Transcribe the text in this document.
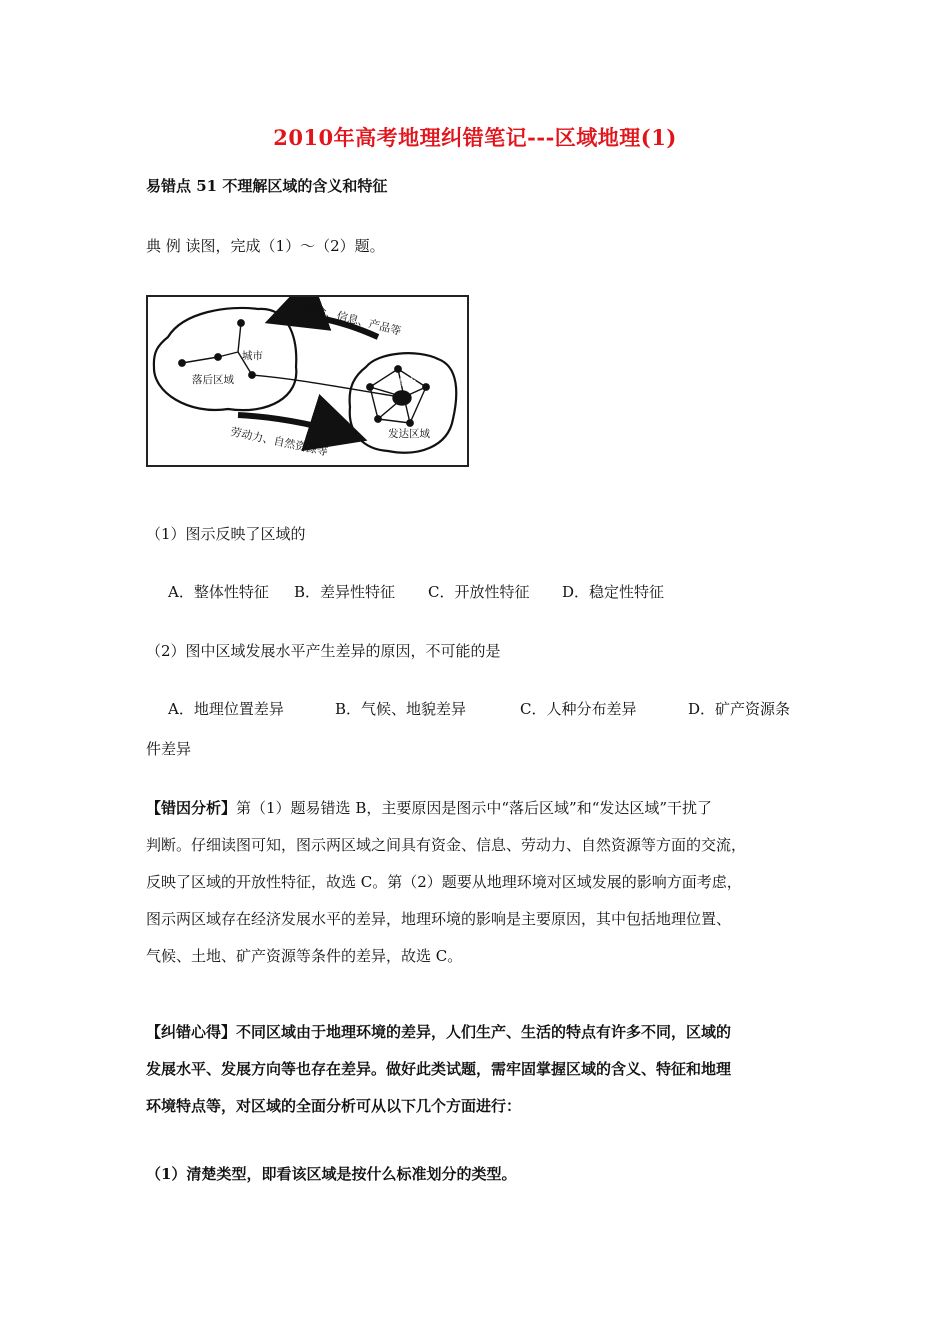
2010年高考地理纠错笔记---区域地理(1)
易错点 51 不理解区域的含义和特征
典 例 读图，完成（1）～（2）题。
资金、信息、产品等
劳动力、自然资源等
城市
落后区域	城市
发达区域
（1）图示反映了区域的
A．整体性特征 B．差异性特征 C．开放性特征 D．稳定性特征
（2）图中区域发展水平产生差异的原因，不可能的是
A．地理位置差异	B．气候、地貌差异	C．人种分布差异	D．矿产资源条
件差异
【错因分析】第（1）题易错选 B，主要原因是图示中“落后区域”和“发达区域”干扰了
判断。仔细读图可知，图示两区域之间具有资金、信息、劳动力、自然资源等方面的交流，
反映了区域的开放性特征，故选 C。第（2）题要从地理环境对区域发展的影响方面考虑，
图示两区域存在经济发展水平的差异，地理环境的影响是主要原因，其中包括地理位置、
气候、土地、矿产资源等条件的差异，故选 C。
【纠错心得】不同区域由于地理环境的差异，人们生产、生活的特点有许多不同，区域的
发展水平、发展方向等也存在差异。做好此类试题，需牢固掌握区域的含义、特征和地理
环境特点等，对区域的全面分析可从以下几个方面进行：
（1）清楚类型，即看该区域是按什么标准划分的类型。
